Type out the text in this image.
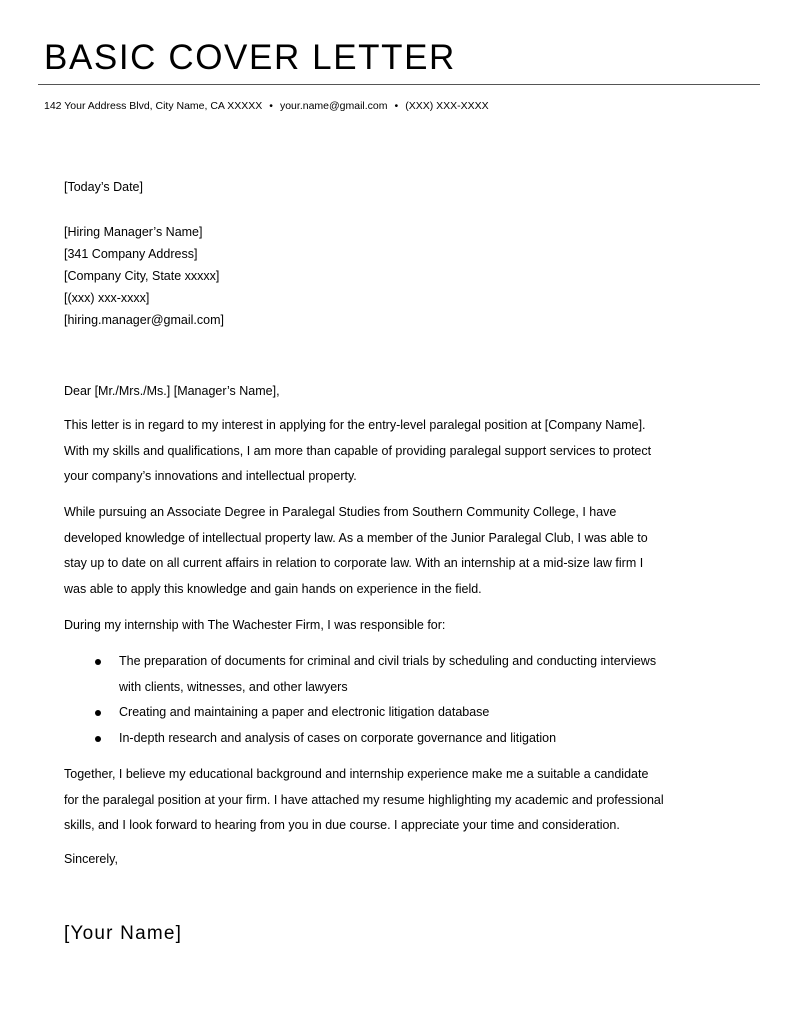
BASIC COVER LETTER
142 Your Address Blvd, City Name, CA XXXXX • your.name@gmail.com • (XXX) XXX-XXXX
[Today’s Date]
[Hiring Manager’s Name]
[341 Company Address]
[Company City, State xxxxx]
[(xxx) xxx-xxxx]
[hiring.manager@gmail.com]
Dear [Mr./Mrs./Ms.] [Manager’s Name],
This letter is in regard to my interest in applying for the entry-level paralegal position at [Company Name].
With my skills and qualifications, I am more than capable of providing paralegal support services to protect
your company’s innovations and intellectual property.
While pursuing an Associate Degree in Paralegal Studies from Southern Community College, I have
developed knowledge of intellectual property law. As a member of the Junior Paralegal Club, I was able to
stay up to date on all current affairs in relation to corporate law. With an internship at a mid-size law firm I
was able to apply this knowledge and gain hands on experience in the field.
During my internship with The Wachester Firm, I was responsible for:
The preparation of documents for criminal and civil trials by scheduling and conducting interviews
with clients, witnesses, and other lawyers
Creating and maintaining a paper and electronic litigation database
In-depth research and analysis of cases on corporate governance and litigation
Together, I believe my educational background and internship experience make me a suitable a candidate
for the paralegal position at your firm. I have attached my resume highlighting my academic and professional
skills, and I look forward to hearing from you in due course. I appreciate your time and consideration.
Sincerely,
[Your Name]
